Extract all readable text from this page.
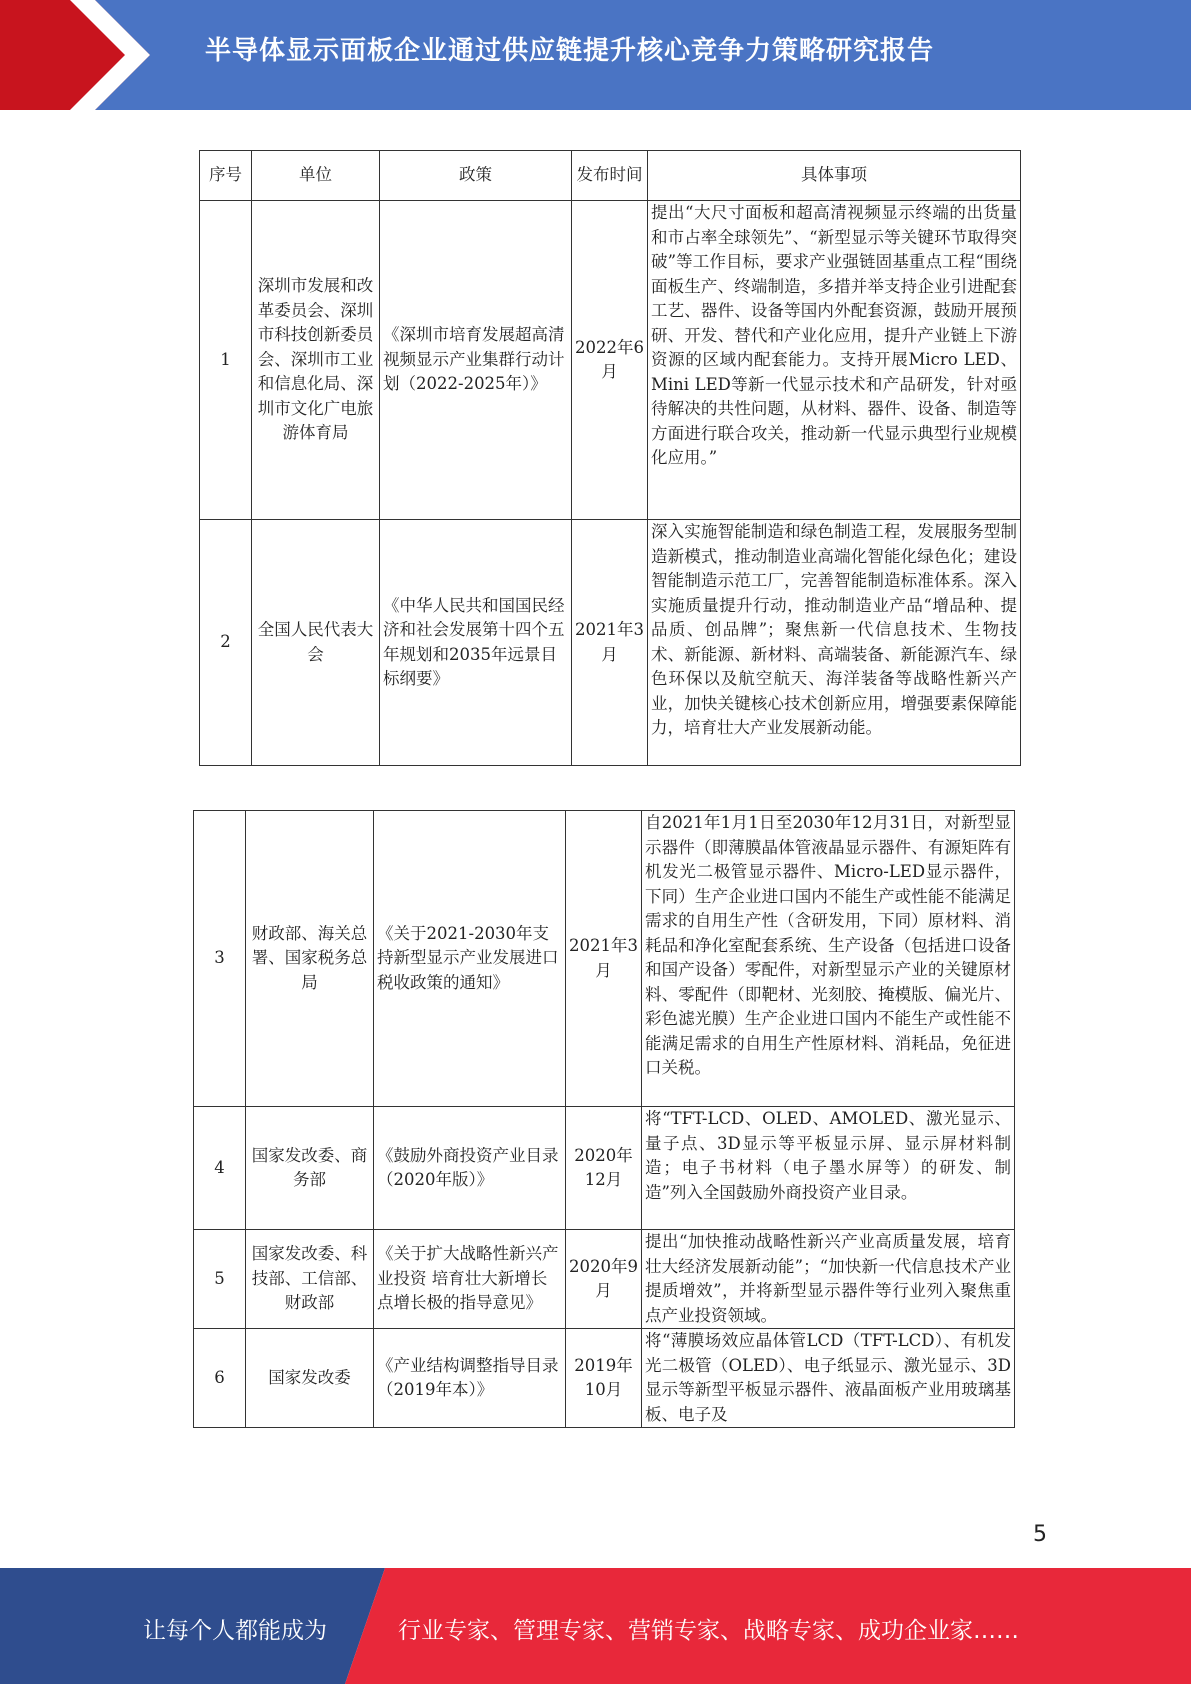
半导体显示面板企业通过供应链提升核心竞争力策略研究报告
序号	单位	政策	发布时间	具体事项
1	深圳市发展和改革委员会、深圳市科技创新委员会、深圳市工业和信息化局、深圳市文化广电旅游体育局	《深圳市培育发展超高清视频显示产业集群行动计划（2022-2025年）》	2022年6月	提出“大尺寸面板和超高清视频显示终端的出货量和市占率全球领先”、“新型显示等关键环节取得突破”等工作目标，要求产业强链固基重点工程“围绕面板生产、终端制造，多措并举支持企业引进配套工艺、器件、设备等国内外配套资源，鼓励开展预研、开发、替代和产业化应用，提升产业链上下游资源的区域内配套能力。支持开展Micro LED、Mini LED等新一代显示技术和产品研发，针对亟待解决的共性问题，从材料、器件、设备、制造等方面进行联合攻关，推动新一代显示典型行业规模化应用。”
2	全国人民代表大会	《中华人民共和国国民经济和社会发展第十四个五年规划和2035年远景目标纲要》	2021年3月	深入实施智能制造和绿色制造工程，发展服务型制造新模式，推动制造业高端化智能化绿色化；建设智能制造示范工厂，完善智能制造标准体系。深入实施质量提升行动，推动制造业产品“增品种、提品质、创品牌”；聚焦新一代信息技术、生物技术、新能源、新材料、高端装备、新能源汽车、绿色环保以及航空航天、海洋装备等战略性新兴产业，加快关键核心技术创新应用，增强要素保障能力，培育壮大产业发展新动能。
3	财政部、海关总署、国家税务总局	《关于2021-2030年支持新型显示产业发展进口税收政策的通知》	2021年3月	自2021年1月1日至2030年12月31日，对新型显示器件（即薄膜晶体管液晶显示器件、有源矩阵有机发光二极管显示器件、Micro-LED显示器件，下同）生产企业进口国内不能生产或性能不能满足需求的自用生产性（含研发用，下同）原材料、消耗品和净化室配套系统、生产设备（包括进口设备和国产设备）零配件，对新型显示产业的关键原材料、零配件（即靶材、光刻胶、掩模版、偏光片、彩色滤光膜）生产企业进口国内不能生产或性能不能满足需求的自用生产性原材料、消耗品，免征进口关税。
4	国家发改委、商务部	《鼓励外商投资产业目录（2020年版）》	2020年12月	将“TFT-LCD、OLED、AMOLED、激光显示、量子点、3D显示等平板显示屏、显示屏材料制造；电子书材料（电子墨水屏等）的研发、制造”列入全国鼓励外商投资产业目录。
5	国家发改委、科技部、工信部、财政部	《关于扩大战略性新兴产业投资 培育壮大新增长点增长极的指导意见》	2020年9月	提出“加快推动战略性新兴产业高质量发展，培育壮大经济发展新动能”；“加快新一代信息技术产业提质增效”，并将新型显示器件等行业列入聚焦重点产业投资领域。
6	国家发改委	《产业结构调整指导目录（2019年本）》	2019年10月	将“薄膜场效应晶体管LCD（TFT-LCD）、有机发光二极管（OLED）、电子纸显示、激光显示、3D显示等新型平板显示器件、液晶面板产业用玻璃基板、电子及
5
让每个人都能成为	行业专家、管理专家、营销专家、战略专家、成功企业家……
